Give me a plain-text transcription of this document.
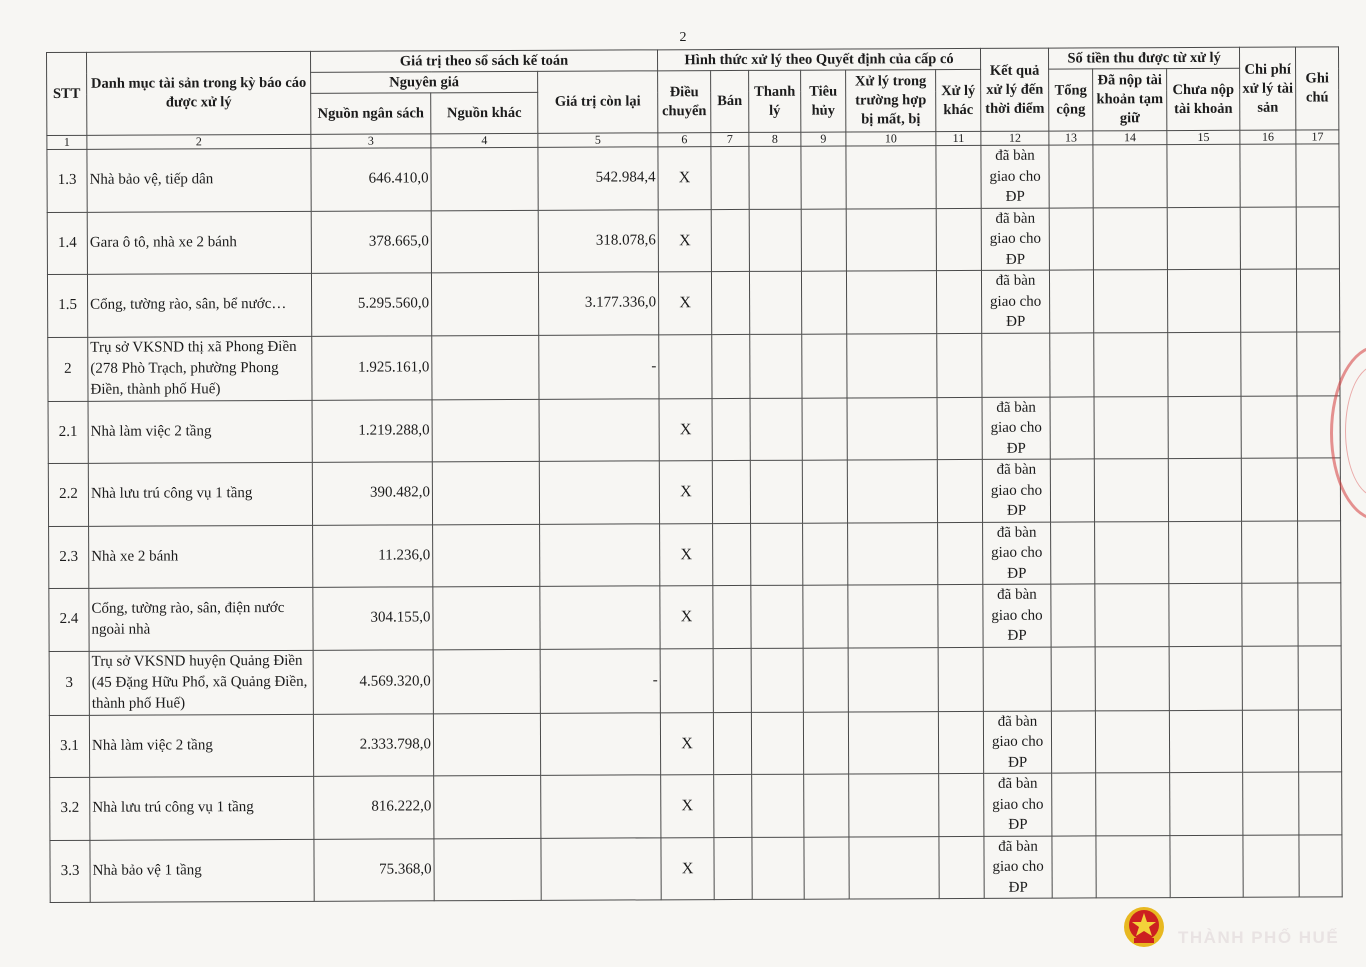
2
STT	Danh mục tài sản trong kỳ báo cáo được xử lý	Giá trị theo sổ sách kế toán			Hình thức xử lý theo Quyết định của cấp có						Kết quả xử lý đến thời điểm	Số tiền thu được từ xử lý			Chi phí xử lý tài sản	Ghi chú
		Nguyên giá		Giá trị còn lại	Điều chuyển	Bán	Thanh lý	Tiêu hủy	Xử lý trong trường hợp bị mất, bị	Xử lý khác		Tổng cộng	Đã nộp tài khoản tạm giữ	Chưa nộp tài khoản		
		Nguồn ngân sách	Nguồn khác													
1	2	3	4	5	6	7	8	9	10	11	12	13	14	15	16	17
1.3	Nhà bảo vệ, tiếp dân	646.410,0		542.984,4	X						đã bàn giao cho ĐP					
1.4	Gara ô tô, nhà xe 2 bánh	378.665,0		318.078,6	X						đã bàn giao cho ĐP					
1.5	Cổng, tường rào, sân, bể nước…	5.295.560,0		3.177.336,0	X						đã bàn giao cho ĐP					
2	Trụ sở VKSND thị xã Phong Điền (278 Phò Trạch, phường Phong Điền, thành phố Huế)	1.925.161,0		-												
2.1	Nhà làm việc 2 tầng	1.219.288,0			X						đã bàn giao cho ĐP					
2.2	Nhà lưu trú công vụ 1 tầng	390.482,0			X						đã bàn giao cho ĐP					
2.3	Nhà xe 2 bánh	11.236,0			X						đã bàn giao cho ĐP					
2.4	Cổng, tường rào, sân, điện nước ngoài nhà	304.155,0			X						đã bàn giao cho ĐP					
3	Trụ sở VKSND huyện Quảng Điền (45 Đặng Hữu Phổ, xã Quảng Điền, thành phố Huế)	4.569.320,0		-												
3.1	Nhà làm việc 2 tầng	2.333.798,0			X						đã bàn giao cho ĐP					
3.2	Nhà lưu trú công vụ 1 tầng	816.222,0			X						đã bàn giao cho ĐP					
3.3	Nhà bảo vệ 1 tầng	75.368,0			X						đã bàn giao cho ĐP					
THÀNH PHỐ HUẾ
